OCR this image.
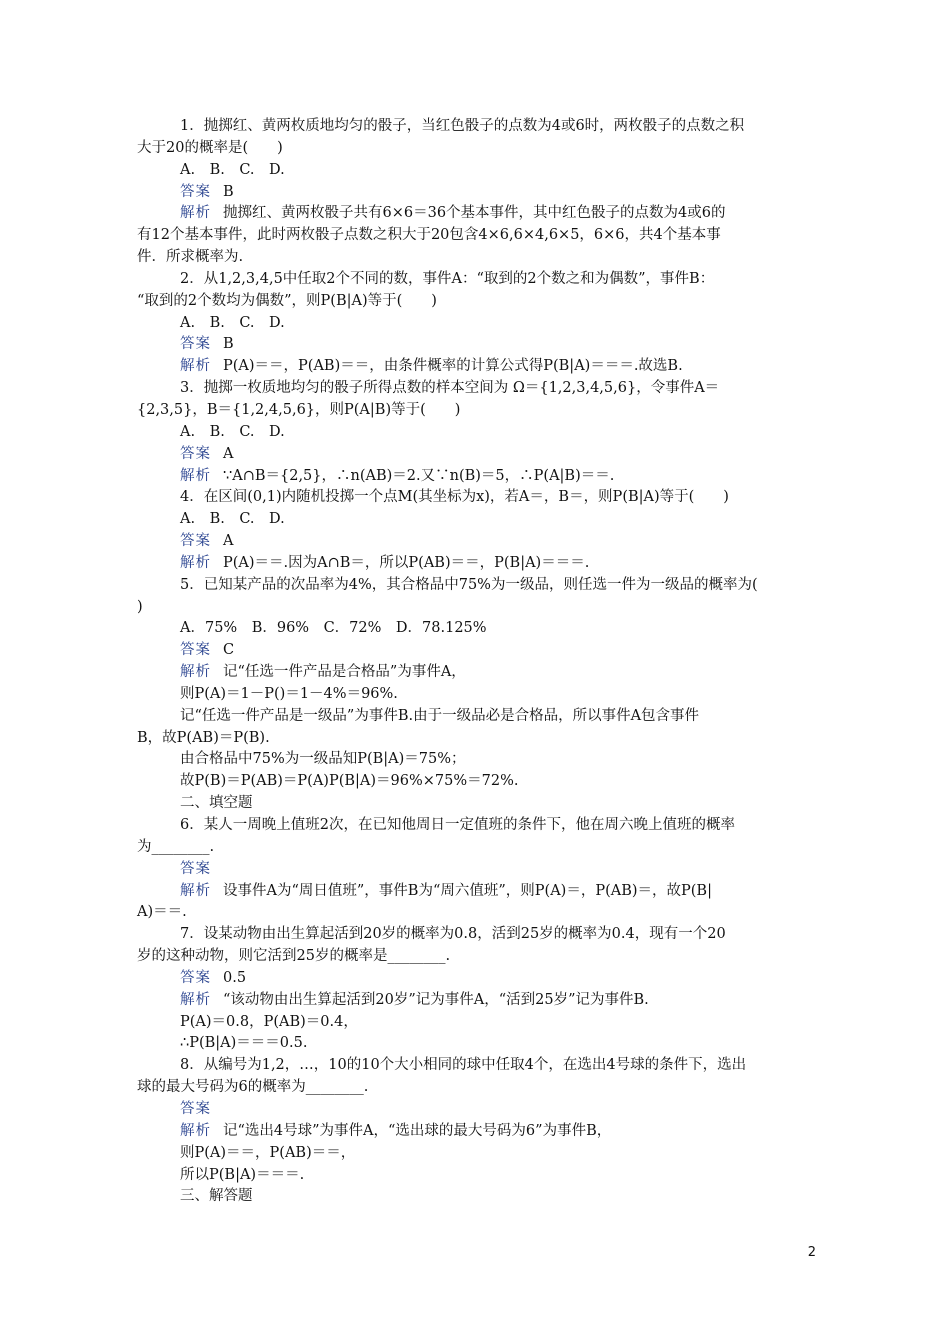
1．抛掷红、黄两枚质地均匀的骰子，当红色骰子的点数为4或6时，两枚骰子的点数之积
大于20的概率是(　　)
A.　B.　C.　D.
答案 B
解析 抛掷红、黄两枚骰子共有6×6＝36个基本事件，其中红色骰子的点数为4或6的
有12个基本事件，此时两枚骰子点数之积大于20包含4×6,6×4,6×5，6×6，共4个基本事
件．所求概率为.
2．从1,2,3,4,5中任取2个不同的数，事件A：“取到的2个数之和为偶数”，事件B：
“取到的2个数均为偶数”，则P(B|A)等于(　　)
A.　B.　C.　D.
答案 B
解析 P(A)＝＝，P(AB)＝＝，由条件概率的计算公式得P(B|A)＝＝＝.故选B.
3．抛掷一枚质地均匀的骰子所得点数的样本空间为 Ω＝{1,2,3,4,5,6}，令事件A＝
{2,3,5}，B＝{1,2,4,5,6}，则P(A|B)等于(　　)
A.　B.　C.　D.
答案 A
解析 ∵A∩B＝{2,5}，∴n(AB)＝2.又∵n(B)＝5，∴P(A|B)＝＝.
4．在区间(0,1)内随机投掷一个点M(其坐标为x)，若A＝，B＝，则P(B|A)等于(　　)
A.　B.　C.　D.
答案 A
解析 P(A)＝＝.因为A∩B＝，所以P(AB)＝＝，P(B|A)＝＝＝.
5．已知某产品的次品率为4%，其合格品中75%为一级品，则任选一件为一级品的概率为(
)
A．75%　B．96%　C．72%　D．78.125%
答案 C
解析 记“任选一件产品是合格品”为事件A，
则P(A)＝1－P()＝1－4%＝96%.
记“任选一件产品是一级品”为事件B.由于一级品必是合格品，所以事件A包含事件
B，故P(AB)＝P(B).
由合格品中75%为一级品知P(B|A)＝75%；
故P(B)＝P(AB)＝P(A)P(B|A)＝96%×75%＝72%.
二、填空题
6．某人一周晚上值班2次，在已知他周日一定值班的条件下，他在周六晚上值班的概率
为________.
答案
解析 设事件A为“周日值班”，事件B为“周六值班”，则P(A)＝，P(AB)＝，故P(B|
A)＝＝.
7．设某动物由出生算起活到20岁的概率为0.8，活到25岁的概率为0.4，现有一个20
岁的这种动物，则它活到25岁的概率是________.
答案 0.5
解析 “该动物由出生算起活到20岁”记为事件A，“活到25岁”记为事件B.
P(A)＝0.8，P(AB)＝0.4，
∴P(B|A)＝＝＝0.5.
8．从编号为1,2，…，10的10个大小相同的球中任取4个，在选出4号球的条件下，选出
球的最大号码为6的概率为________.
答案
解析 记“选出4号球”为事件A，“选出球的最大号码为6”为事件B，
则P(A)＝＝，P(AB)＝＝，
所以P(B|A)＝＝＝.
三、解答题
2
